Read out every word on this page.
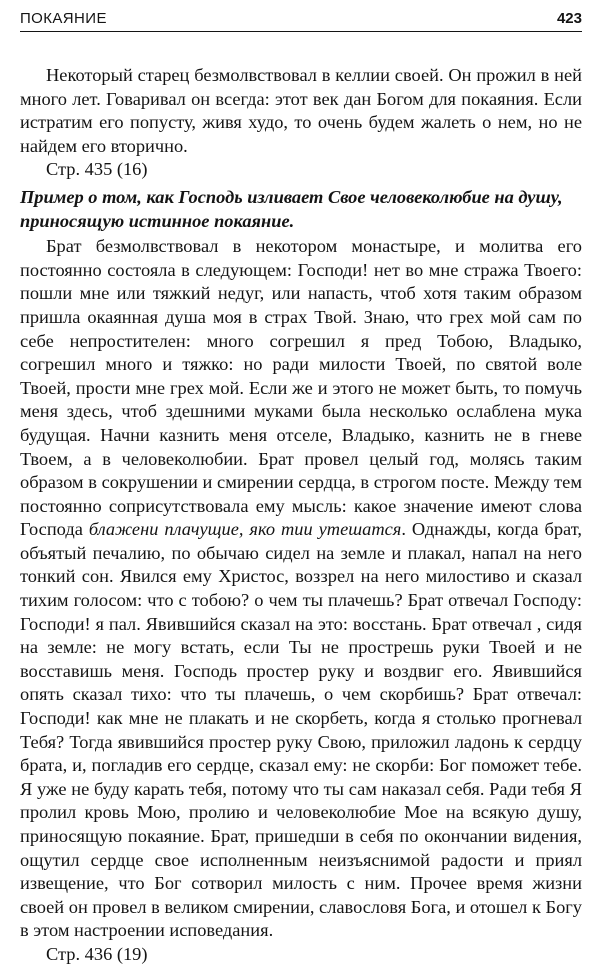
ПОКАЯНИЕ	423

Некоторый старец безмолвствовал в келлии своей. Он прожил в ней много лет. Говаривал он всегда: этот век дан Богом для покаяния. Если истратим его попусту, живя худо, то очень будем жалеть о нем, но не найдем его вторично.

Стр. 435 (16)

Пример о том, как Господь изливает Свое человеколюбие на душу, приносящую истинное покаяние.

Брат безмолвствовал в некотором монастыре, и молитва его постоянно состояла в следующем: Господи! нет во мне стража Твоего: пошли мне или тяжкий недуг, или напасть, чтоб хотя таким образом пришла окаянная душа моя в страх Твой. Знаю, что грех мой сам по себе непростителен: много согрешил я пред Тобою, Владыко, согрешил много и тяжко: но ради милости Твоей, по святой воле Твоей, прости мне грех мой. Если же и этого не может быть, то помучь меня здесь, чтоб здешними муками была несколько ослаблена мука будущая. Начни казнить меня отселе, Владыко, казнить не в гневе Твоем, а в человеколюбии. Брат провел целый год, молясь таким образом в сокрушении и смирении сердца, в строгом посте. Между тем постоянно соприсутствовала ему мысль: какое значение имеют слова Господа блажени плачущие, яко тии утешатся. Однажды, когда брат, объятый печалию, по обычаю сидел на земле и плакал, напал на него тонкий сон. Явился ему Христос, воззрел на него милостиво и сказал тихим голосом: что с тобою? о чем ты плачешь? Брат отвечал Господу: Господи! я пал. Явившийся сказал на это: восстань. Брат отвечал , сидя на земле: не могу встать, если Ты не прострешь руки Твоей и не восставишь меня. Господь простер руку и воздвиг его. Явившийся опять сказал тихо: что ты плачешь, о чем скорбишь? Брат отвечал: Господи! как мне не плакать и не скорбеть, когда я столько прогневал Тебя? Тогда явившийся простер руку Свою, приложил ладонь к сердцу брата, и, погладив его сердце, сказал ему: не скорби: Бог поможет тебе. Я уже не буду карать тебя, потому что ты сам наказал себя. Ради тебя Я пролил кровь Мою, пролию и человеколюбие Мое на всякую душу, приносящую покаяние. Брат, пришедши в себя по окончании видения, ощутил сердце свое исполненным неизъяснимой радости и приял извещение, что Бог сотворил милость с ним. Прочее время жизни своей он провел в великом смирении, славословя Бога, и отошел к Богу в этом настроении исповедания.

Стр. 436 (19)
